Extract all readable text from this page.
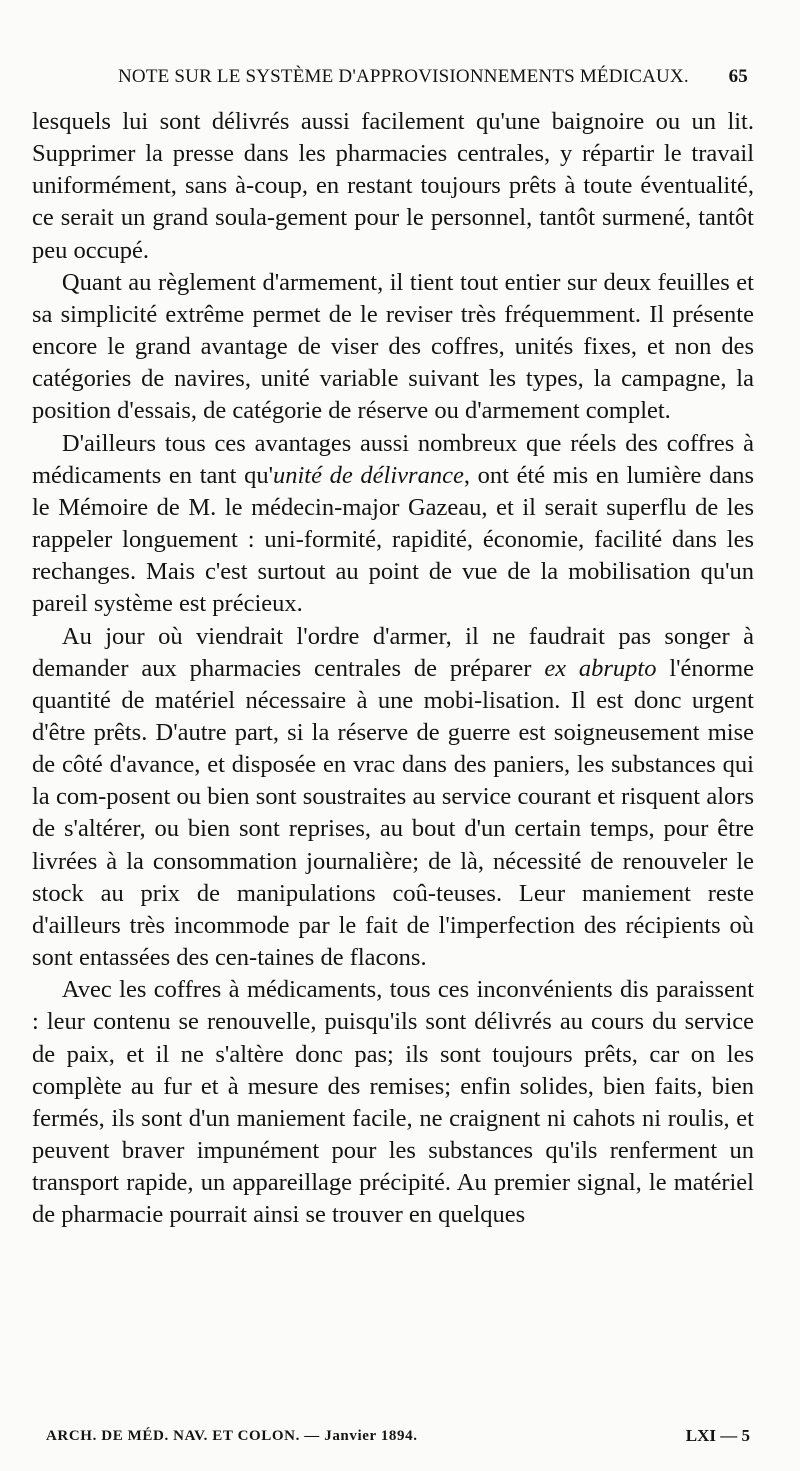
NOTE SUR LE SYSTÈME D'APPROVISIONNEMENTS MÉDICAUX. 65

lesquels lui sont délivrés aussi facilement qu'une baignoire ou un lit. Supprimer la presse dans les pharmacies centrales, y répartir le travail uniformément, sans à-coup, en restant toujours prêts à toute éventualité, ce serait un grand soula-gement pour le personnel, tantôt surmené, tantôt peu occupé.

Quant au règlement d'armement, il tient tout entier sur deux feuilles et sa simplicité extrême permet de le reviser très fréquemment. Il présente encore le grand avantage de viser des coffres, unités fixes, et non des catégories de navires, unité variable suivant les types, la campagne, la position d'essais, de catégorie de réserve ou d'armement complet.

D'ailleurs tous ces avantages aussi nombreux que réels des coffres à médicaments en tant qu'unité de délivrance, ont été mis en lumière dans le Mémoire de M. le médecin-major Gazeau, et il serait superflu de les rappeler longuement : uni-formité, rapidité, économie, facilité dans les rechanges. Mais c'est surtout au point de vue de la mobilisation qu'un pareil système est précieux.

Au jour où viendrait l'ordre d'armer, il ne faudrait pas songer à demander aux pharmacies centrales de préparer ex abrupto l'énorme quantité de matériel nécessaire à une mobi-lisation. Il est donc urgent d'être prêts. D'autre part, si la réserve de guerre est soigneusement mise de côté d'avance, et disposée en vrac dans des paniers, les substances qui la com-posent ou bien sont soustraites au service courant et risquent alors de s'altérer, ou bien sont reprises, au bout d'un certain temps, pour être livrées à la consommation journalière; de là, nécessité de renouveler le stock au prix de manipulations coû-teuses. Leur maniement reste d'ailleurs très incommode par le fait de l'imperfection des récipients où sont entassées des cen-taines de flacons.

Avec les coffres à médicaments, tous ces inconvénients dis paraissent : leur contenu se renouvelle, puisqu'ils sont délivrés au cours du service de paix, et il ne s'altère donc pas; ils sont toujours prêts, car on les complète au fur et à mesure des remises; enfin solides, bien faits, bien fermés, ils sont d'un maniement facile, ne craignent ni cahots ni roulis, et peuvent braver impunément pour les substances qu'ils renferment un transport rapide, un appareillage précipité. Au premier signal, le matériel de pharmacie pourrait ainsi se trouver en quelques

ARCH. DE MÉD. NAV. ET COLON. — Janvier 1894.	LXI — 5
